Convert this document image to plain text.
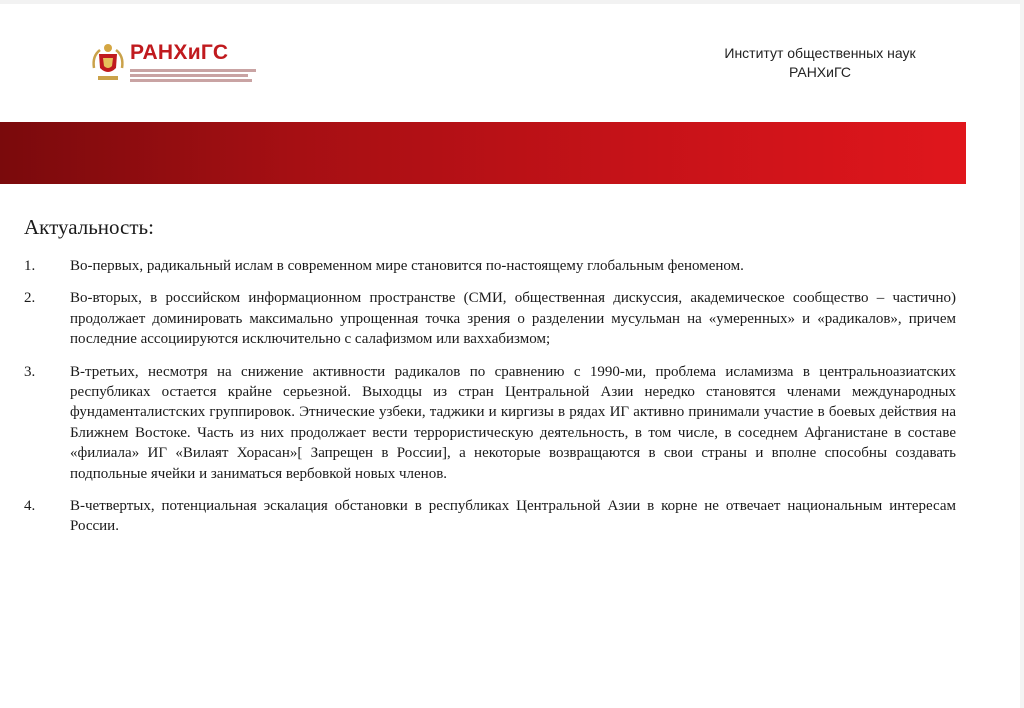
РАНХиГС	Институт общественных наук
РАНХиГС
Актуальность:
1. Во-первых, радикальный ислам в современном мире становится по-настоящему глобальным феноменом.
2. Во-вторых, в российском информационном пространстве (СМИ, общественная дискуссия, академическое сообщество – частично) продолжает доминировать максимально упрощенная точка зрения о разделении мусульман на «умеренных» и «радикалов», причем последние ассоциируются исключительно с салафизмом или ваххабизмом;
3. В-третьих, несмотря на снижение активности радикалов по сравнению с 1990-ми, проблема исламизма в центральноазиатских республиках остается крайне серьезной. Выходцы из стран Центральной Азии нередко становятся членами международных фундаменталистских группировок. Этнические узбеки, таджики и киргизы в рядах ИГ активно принимали участие в боевых действия на Ближнем Востоке. Часть из них продолжает вести террористическую деятельность, в том числе, в соседнем Афганистане в составе «филиала» ИГ «Вилаят Хорасан»[ Запрещен в России], а некоторые возвращаются в свои страны и вполне способны создавать подпольные ячейки и заниматься вербовкой новых членов.
4. В-четвертых, потенциальная эскалация обстановки в республиках Центральной Азии в корне не отвечает национальным интересам России.
